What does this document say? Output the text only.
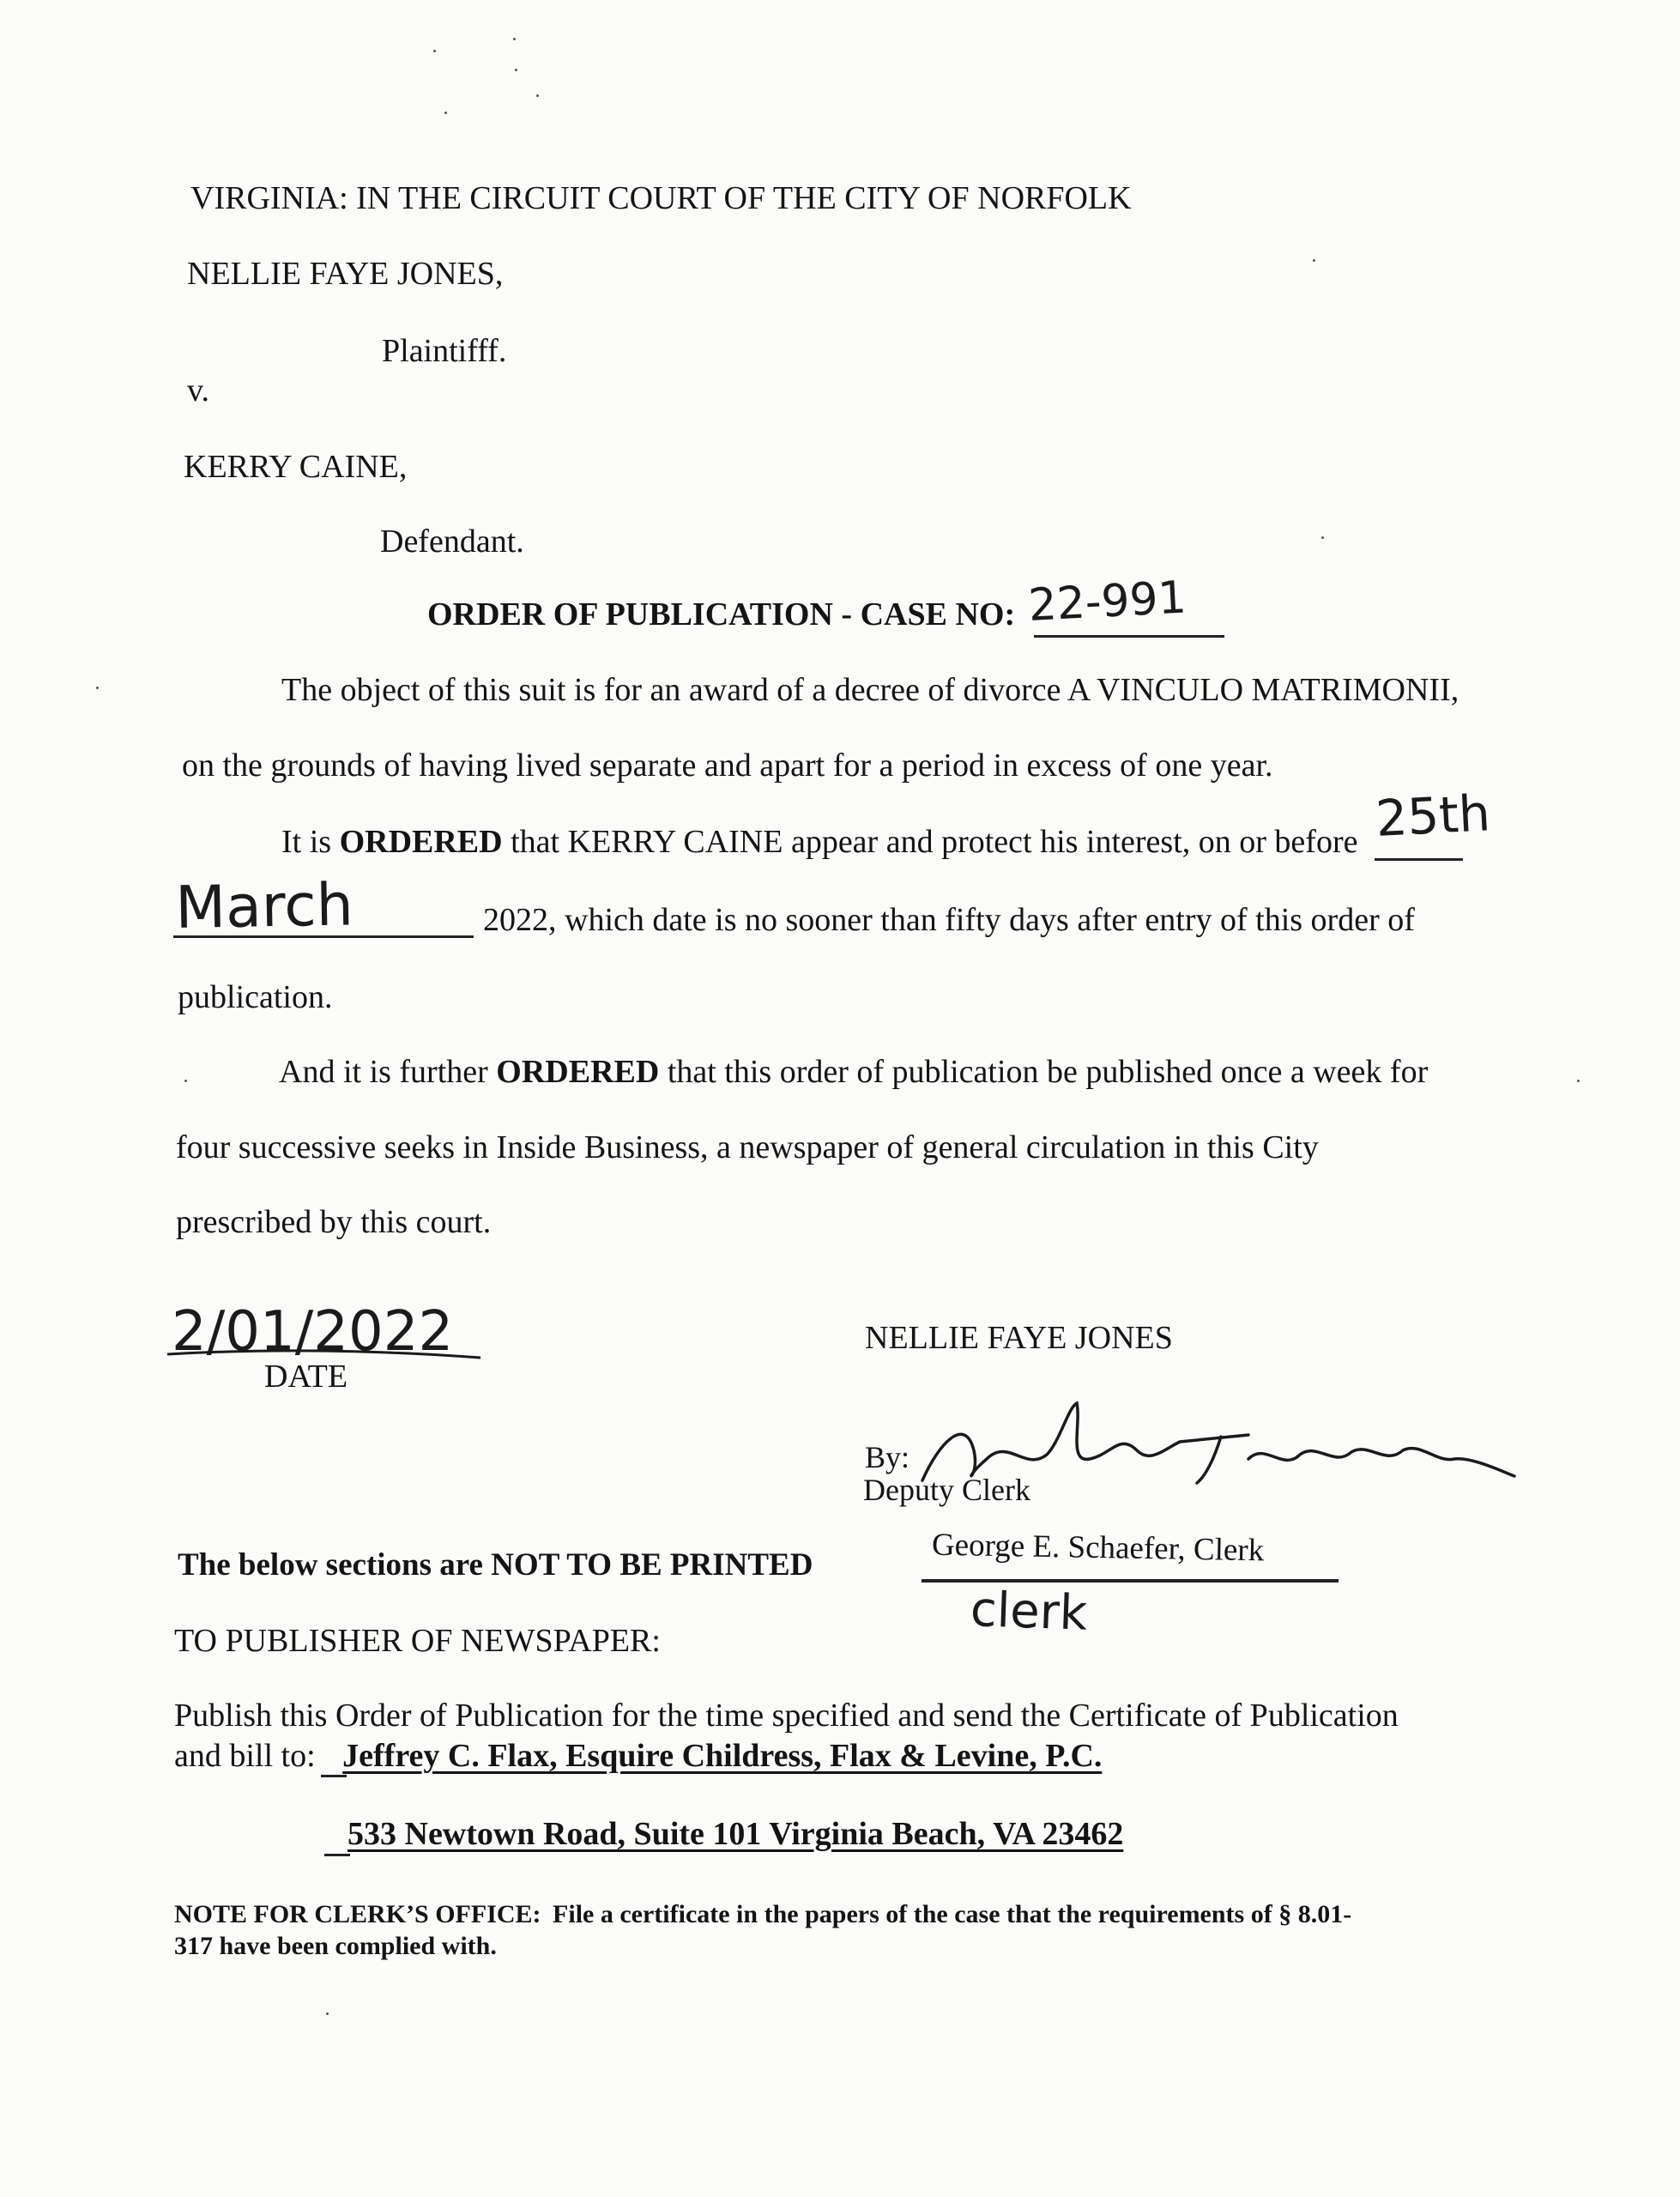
VIRGINIA: IN THE CIRCUIT COURT OF THE CITY OF NORFOLK
NELLIE FAYE JONES,
Plaintifff.
v.
KERRY CAINE,
Defendant.
ORDER OF PUBLICATION - CASE NO: 22-991
The object of this suit is for an award of a decree of divorce A VINCULO MATRIMONII,
on the grounds of having lived separate and apart for a period in excess of one year.
It is ORDERED that KERRY CAINE appear and protect his interest, on or before 25th
March	2022, which date is no sooner than fifty days after entry of this order of
publication.
And it is further ORDERED that this order of publication be published once a week for
four successive seeks in Inside Business, a newspaper of general circulation in this City
prescribed by this court.
2/01/2022
DATE
NELLIE FAYE JONES
By:
Deputy Clerk
George E. Schaefer, Clerk
clerk
The below sections are NOT TO BE PRINTED
TO PUBLISHER OF NEWSPAPER:
Publish this Order of Publication for the time specified and send the Certificate of Publication
and bill to: Jeffrey C. Flax, Esquire Childress, Flax & Levine, P.C.
533 Newtown Road, Suite 101 Virginia Beach, VA 23462
NOTE FOR CLERK’S OFFICE: File a certificate in the papers of the case that the requirements of § 8.01-
317 have been complied with.
